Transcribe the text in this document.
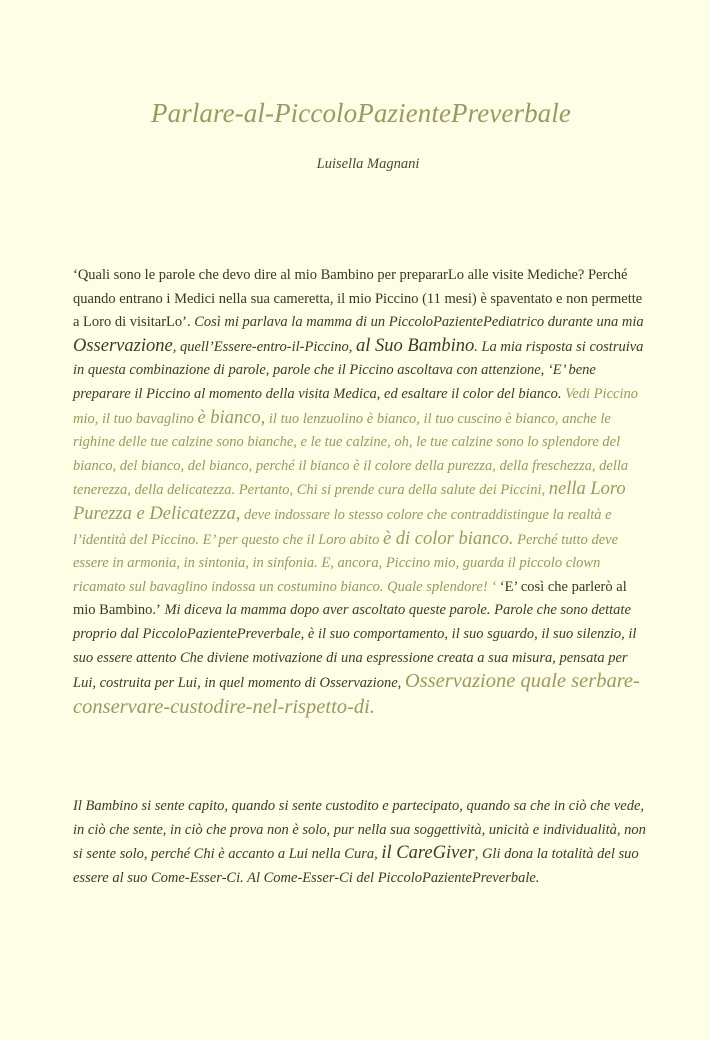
Parlare-al-PiccoloPazientePreverbale
Luisella Magnani
‘Quali sono le parole che devo dire al mio Bambino per prepararLo alle visite Mediche? Perché quando entrano i Medici nella sua cameretta, il mio Piccino (11 mesi) è spaventato e non permette a Loro di visitarLo’. Così mi parlava la mamma di un PiccoloPazientePediatrico durante una mia Osservazione, quell’Essere-entro-il-Piccino, al Suo Bambino. La mia risposta si costruiva in questa combinazione di parole, parole che il Piccino ascoltava con attenzione, ‘E’ bene preparare il Piccino al momento della visita Medica, ed esaltare il color del bianco. Vedi Piccino mio, il tuo bavaglino è bianco, il tuo lenzuolino è bianco, il tuo cuscino è bianco, anche le righine delle tue calzine sono bianche, e le tue calzine, oh, le tue calzine sono lo splendore del bianco, del bianco, del bianco, perché il bianco è il colore della purezza, della freschezza, della tenerezza, della delicatezza. Pertanto, Chi si prende cura della salute dei Piccini, nella Loro Purezza e Delicatezza, deve indossare lo stesso colore che contraddistingue la realtà e l’identità del Piccino. E’ per questo che il Loro abito è di color bianco. Perché tutto deve essere in armonia, in sintonia, in sinfonia. E, ancora, Piccino mio, guarda il piccolo clown ricamato sul bavaglino indossa un costumino bianco. Quale splendore! ‘ ‘E’ così che parlerò al mio Bambino.’ Mi diceva la mamma dopo aver ascoltato queste parole. Parole che sono dettate proprio dal PiccoloPazientePreverbale, è il suo comportamento, il suo sguardo, il suo silenzio, il suo essere attento Che diviene motivazione di una espressione creata a sua misura, pensata per Lui, costruita per Lui, in quel momento di Osservazione, Osservazione quale serbare-conservare-custodire-nel-rispetto-di.
Il Bambino si sente capito, quando si sente custodito e partecipato, quando sa che in ciò che vede, in ciò che sente, in ciò che prova non è solo, pur nella sua soggettività, unicità e individualità, non si sente solo, perché Chi è accanto a Lui nella Cura, il CareGiver, Gli dona la totalità del suo essere al suo Come-Esser-Ci. Al Come-Esser-Ci del PiccoloPazientePreverbale.
